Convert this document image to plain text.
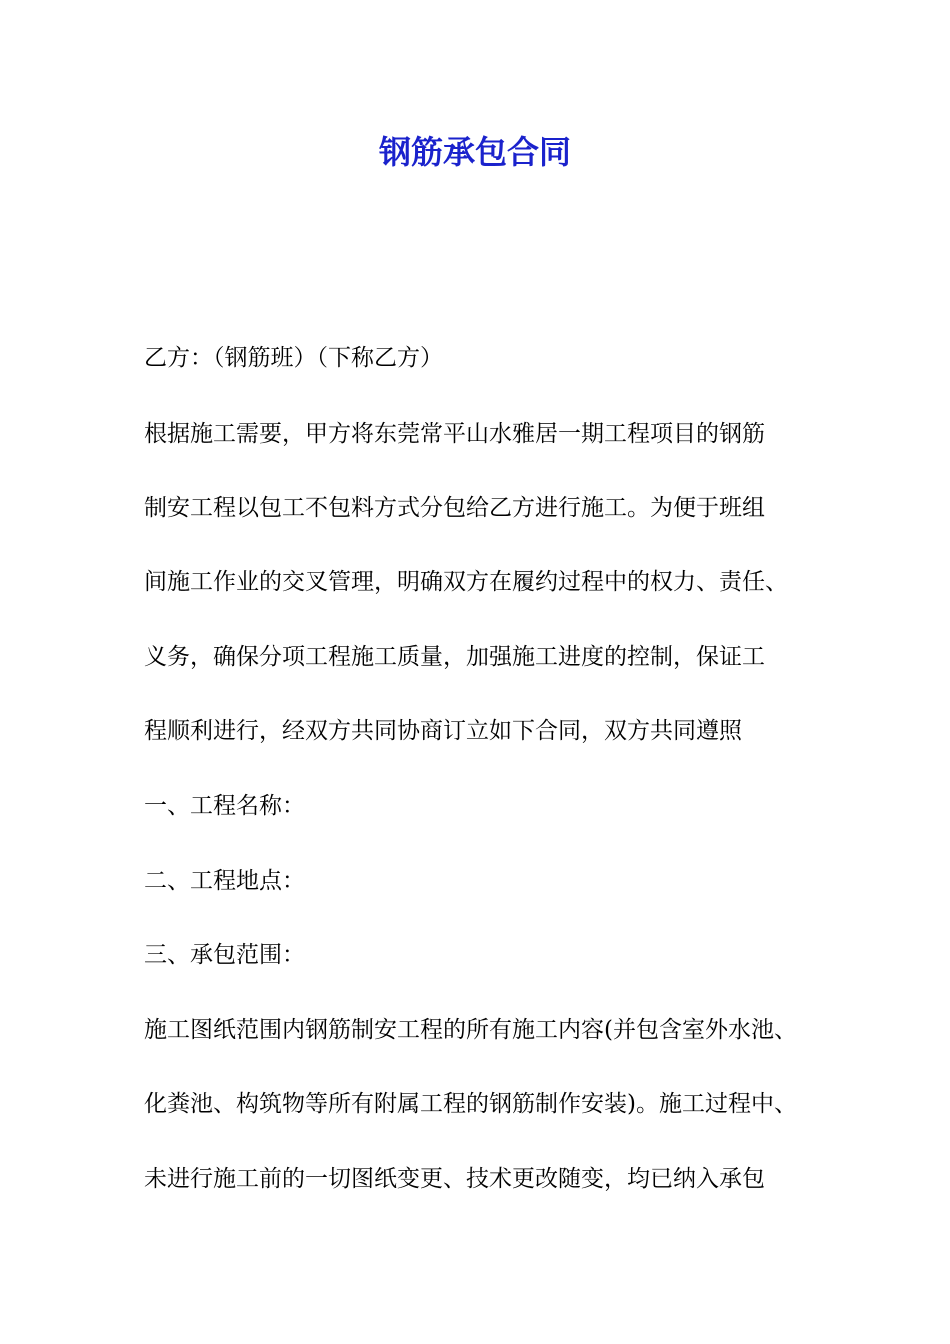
钢筋承包合同

乙方：（钢筋班）（下称乙方）

根据施工需要，甲方将东莞常平山水雅居一期工程项目的钢筋

制安工程以包工不包料方式分包给乙方进行施工。为便于班组

间施工作业的交叉管理，明确双方在履约过程中的权力、责任、

义务，确保分项工程施工质量，加强施工进度的控制，保证工

程顺利进行，经双方共同协商订立如下合同，双方共同遵照

一、工程名称：

二、工程地点：

三、承包范围：

施工图纸范围内钢筋制安工程的所有施工内容(并包含室外水池、

化粪池、构筑物等所有附属工程的钢筋制作安装)。施工过程中、

未进行施工前的一切图纸变更、技术更改随变，均已纳入承包
